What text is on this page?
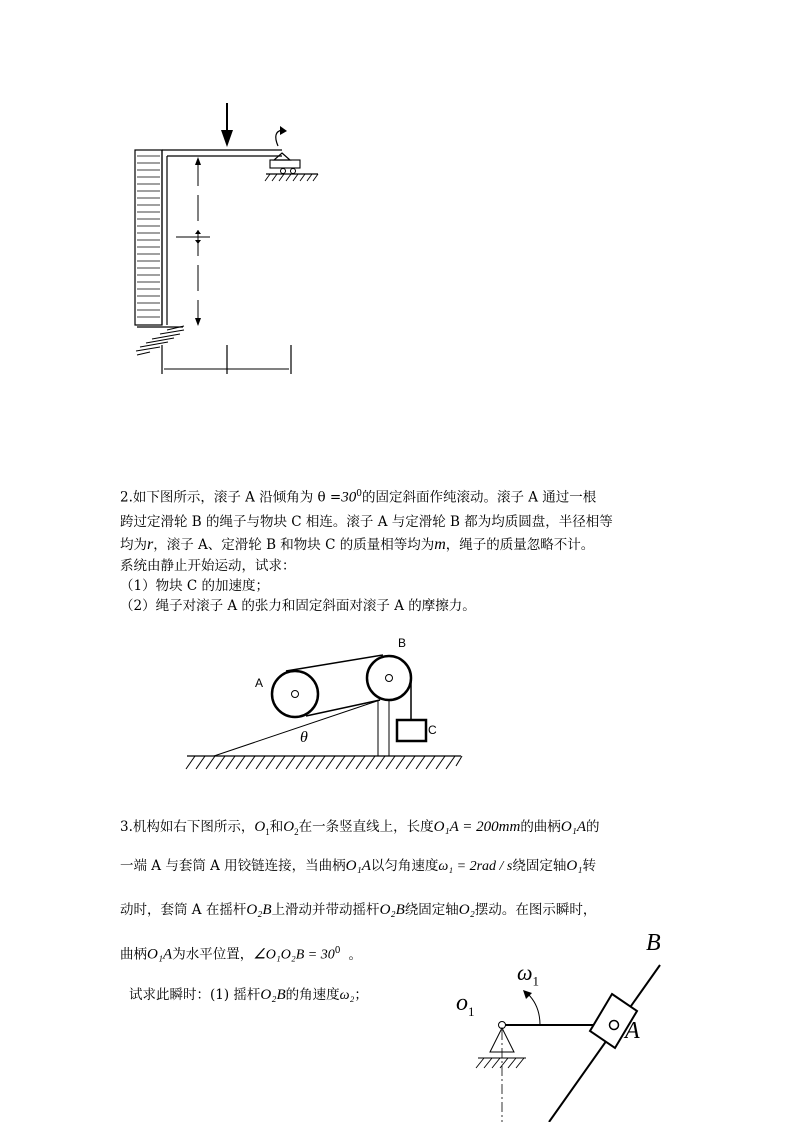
2.如下图所示，滚子 A 沿倾角为 $\theta =30^0$的固定斜面作纯滚动。滚子 A 通过一根
跨过定滑轮 B 的绳子与物块 C 相连。滚子 A 与定滑轮 B 都为均质圆盘，半径相等
均为r，滚子 A、定滑轮 B 和物块 C 的质量相等均为m，绳子的质量忽略不计。
系统由静止开始运动，试求：
（1）物块 C 的加速度；
（2）绳子对滚子 A 的张力和固定斜面对滚子 A 的摩擦力。
A
B
C
θ
3.机构如右下图所示，$O_1$和$O_2$在一条竖直线上，长度O₁A = 200mm的曲柄O₁A的
一端 A 与套筒 A 用铰链连接，当曲柄O₁A以匀角速度ω₁ = 2rad / s绕固定轴O₁转
动时，套筒 A 在摇杆O₂B上滑动并带动摇杆O₂B绕固定轴O₂摆动。在图示瞬时，
曲柄O₁A为水平位置，∠O₁O₂B = $30^0$ 。
试求此瞬时：(1) 摇杆O₂B的角速度ω₂；
B
$\omega_1$
$o_1$
A
